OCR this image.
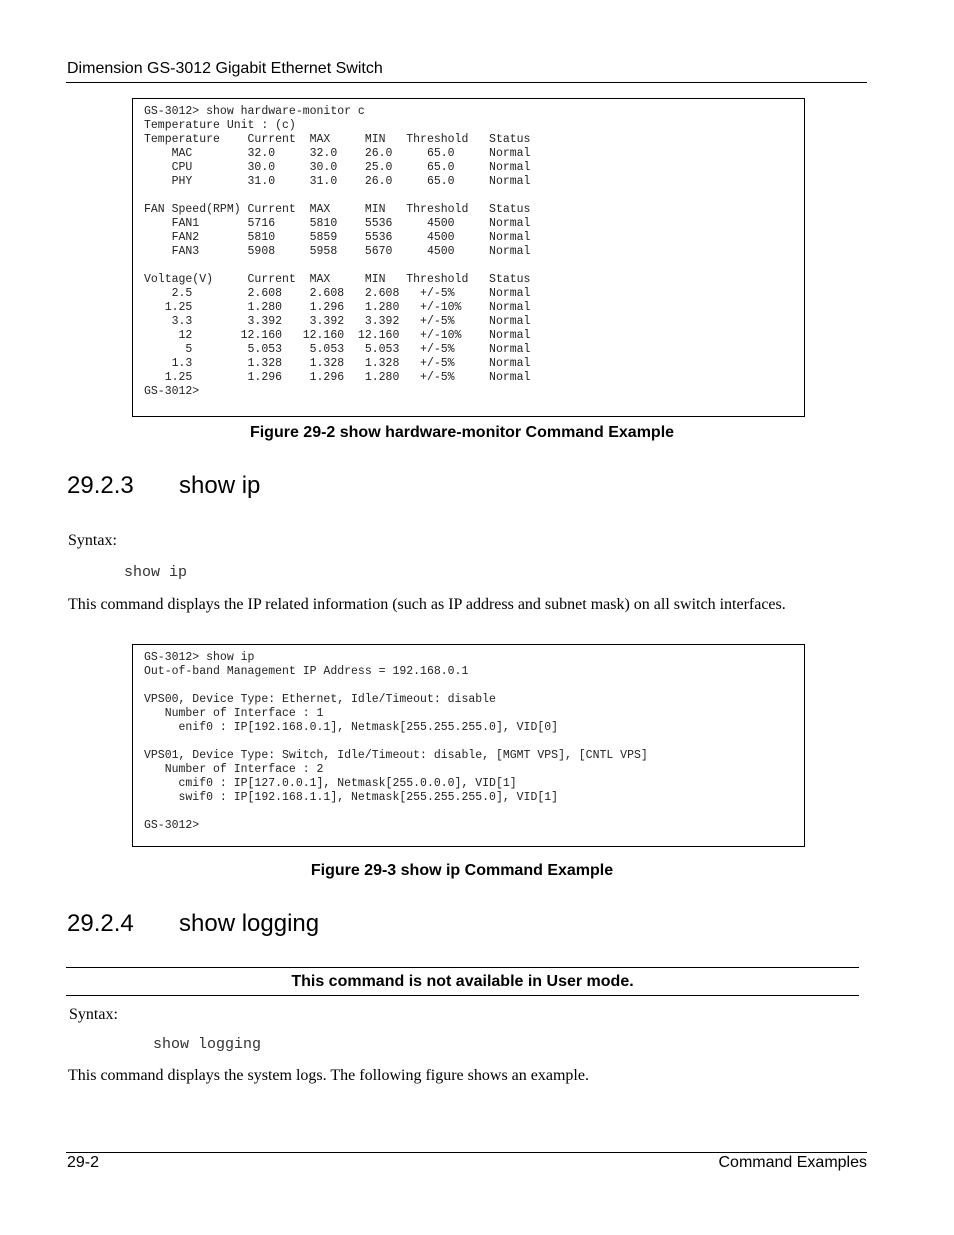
Dimension GS-3012 Gigabit Ethernet Switch
GS-3012> show hardware-monitor c
Temperature Unit : (c)
Temperature    Current  MAX     MIN   Threshold   Status
MAC        32.0     32.0    26.0     65.0     Normal
CPU        30.0     30.0    25.0     65.0     Normal
PHY        31.0     31.0    26.0     65.0     Normal

FAN Speed(RPM) Current  MAX     MIN   Threshold   Status
FAN1       5716     5810    5536     4500     Normal
FAN2       5810     5859    5536     4500     Normal
FAN3       5908     5958    5670     4500     Normal

Voltage(V)     Current  MAX     MIN   Threshold   Status
2.5        2.608    2.608   2.608   +/-5%     Normal
1.25        1.280    1.296   1.280   +/-10%    Normal
3.3        3.392    3.392   3.392   +/-5%     Normal
12       12.160   12.160  12.160   +/-10%    Normal
5        5.053    5.053   5.053   +/-5%     Normal
1.3        1.328    1.328   1.328   +/-5%     Normal
1.25        1.296    1.296   1.280   +/-5%     Normal
GS-3012>
Figure 29-2 show hardware-monitor Command Example
29.2.3 show ip
Syntax:
show ip
This command displays the IP related information (such as IP address and subnet mask) on all switch interfaces.
GS-3012> show ip
Out-of-band Management IP Address = 192.168.0.1

VPS00, Device Type: Ethernet, Idle/Timeout: disable
Number of Interface : 1
enif0 : IP[192.168.0.1], Netmask[255.255.255.0], VID[0]

VPS01, Device Type: Switch, Idle/Timeout: disable, [MGMT VPS], [CNTL VPS]
Number of Interface : 2
cmif0 : IP[127.0.0.1], Netmask[255.0.0.0], VID[1]
swif0 : IP[192.168.1.1], Netmask[255.255.255.0], VID[1]

GS-3012>
Figure 29-3 show ip Command Example
29.2.4 show logging
This command is not available in User mode.
Syntax:
show logging
This command displays the system logs. The following figure shows an example.
29-2	Command Examples
